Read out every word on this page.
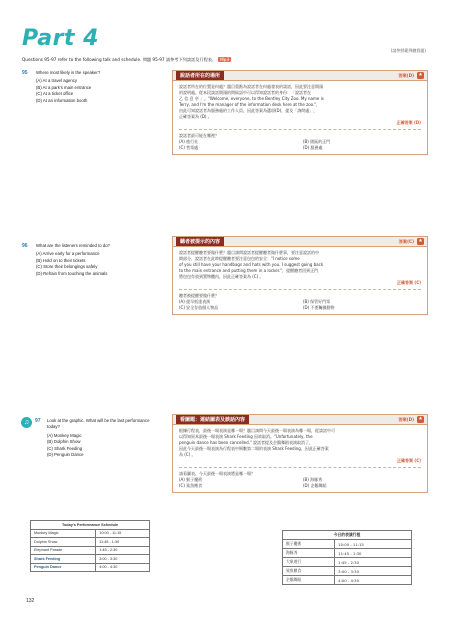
Part 4	(請參照範例聽寫題)
Questions 95-97 refer to the following talk and schedule. 問題 95-97 請參考下列談話及行程表。 Mp3
95 Where most likely is the speaker?
(A) At a travel agency
(B) At a park's main entrance
(C) At a ticket office
(D) At an information booth
96 What are the listeners reminded to do?
(A) Arrive early for a performance
(B) Hold on to their tickets
(C) Store their belongings safely
(D) Refrain from touching the animals
♫	97 Look at the graphic. What will be the last performance today?
(A) Monkey Magic
(B) Dolphin Show
(C) Shark Feeding
(D) Penguin Dance
說話者所在的場所	答案(D) ★
說話者所在的位置是何處？題目重點為說話者在何處發表的談話，因此要注意開頭
的說明處。從本段談話開頭的問候語中可以得知說話者的身份：「說話者在
乙 信 息 亭 」。"Welcome, everyone, to the Bentley City Zoo. My name is
Terry, and I'm the manager of the information desk here at the zoo."，
由此可知說話者為服務處的工作人員，因此答案為選項(D)，提及「詢問處」，
正確答案為 (D) 。
正確答案 (D)
說話者最可能在哪裡？
(A) 旅行社	(B) 園區的正門
(C) 售票處	(D) 服務處
聽者被提示的內容	答案(C) ★
說話者提醒聽者要做什麼？題目詢問說話者提醒聽者做什麼事，要注意說話的中
間部分，說話者在此時提醒聽者要注意包包的安全："I notice some
of you still have your handbags and hats with you. I suggest going back
to the main entrance and putting them in a locker."，提醒聽者回到正門
將包包存放到置物櫃內，因此正確答案為 (C) 。
正確答案 (C)
聽者被提醒要做什麼？
(A) 提早抵達表演	(B) 保管好門票
(C) 安全存放個人物品	(D) 不要觸摸動物
看圖題：連結圖表及談話內容	答案(D) ★
根據行程表，最後一場表演是哪一場？題目詢問今天最後一場表演為哪一場，從談話中可
以得知原本最後一場表演 Shark Feeding 因故取消。"Unfortunately, the
penguin dance has been cancelled." 說話者提及企鵝舞蹈表演取消了，
因此今天最後一場表演為行程表中倒數第二場的表演 Shark Feeding，因此正確答案
為 (C) 。
正確答案 (C)
請看圖表。今天最後一場表演將是哪一場？
(A) 猴子魔術	(B) 海豚秀
(C) 鯊魚餵食	(D) 企鵝舞蹈
Today's Performance Schedule	
Monkey Magic	10:00 - 11:15
Dolphin Show	11:45 - 1:30
Elephant Parade	1:45 - 2:30
Shark Feeding	3:00 - 3:30
Penguin Dance	4:00 - 4:30
今日的表演行程	
猴子魔術	10:00 - 11:15
海豚秀	11:45 - 1:30
大象遊行	1:45 - 2:30
鯊魚餵食	3:00 - 3:30
企鵝舞蹈	4:00 - 4:30
132
